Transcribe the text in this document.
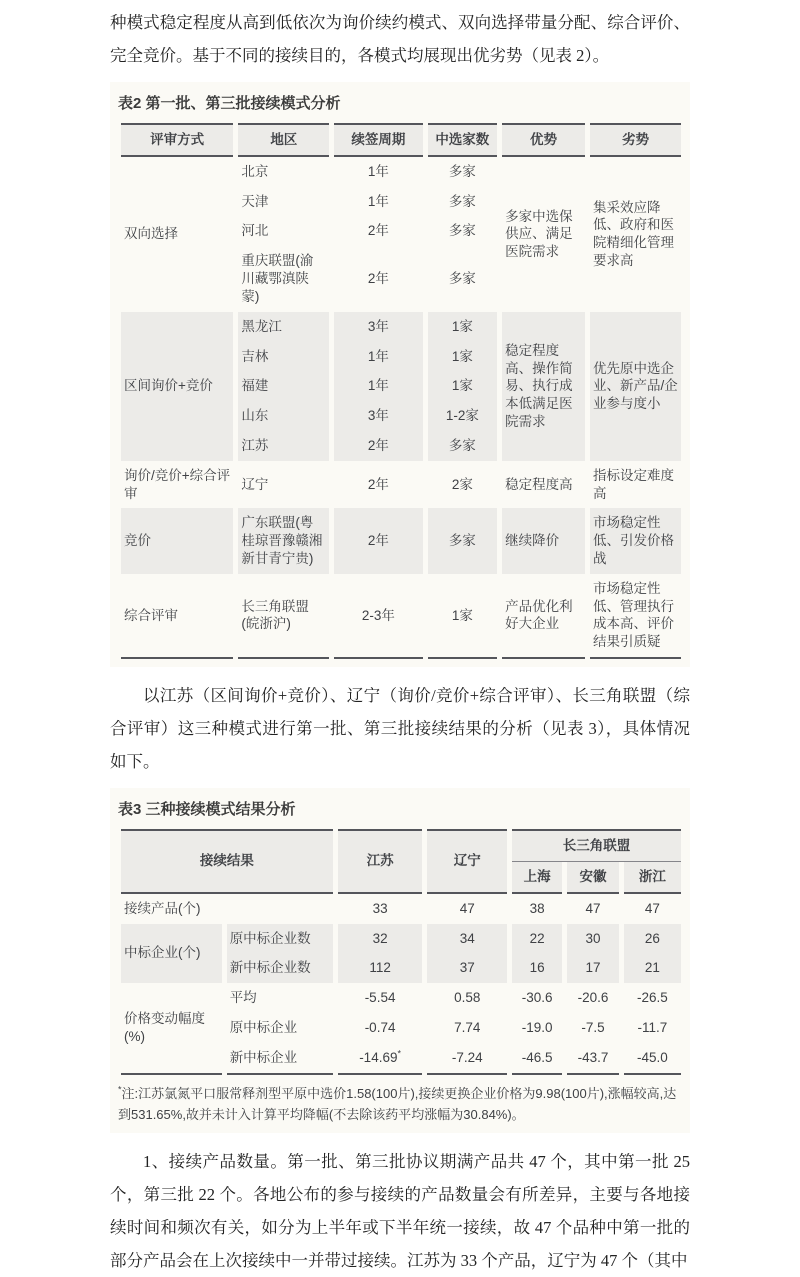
种模式稳定程度从高到低依次为询价续约模式、双向选择带量分配、综合评价、完全竞价。基于不同的接续目的，各模式均展现出优劣势（见表 2）。

表2 第一批、第三批接续模式分析
评审方式	地区	续签周期	中选家数	优势	劣势
双向选择	北京	1年	多家	多家中选保供应、满足医院需求	集采效应降低、政府和医院精细化管理要求高
	天津	1年	多家		
	河北	2年	多家		
	重庆联盟(渝川藏鄂滇陕蒙)	2年	多家		
区间询价+竞价	黑龙江	3年	1家	稳定程度高、操作简易、执行成本低满足医院需求	优先原中选企业、新产品/企业参与度小
	吉林	1年	1家		
	福建	1年	1家		
	山东	3年	1-2家		
	江苏	2年	多家		
询价/竞价+综合评审	辽宁	2年	2家	稳定程度高	指标设定难度高
竞价	广东联盟(粤桂琼晋豫赣湘新甘青宁贵)	2年	多家	继续降价	市场稳定性低、引发价格战
综合评审	长三角联盟(皖浙沪)	2-3年	1家	产品优化利好大企业	市场稳定性低、管理执行成本高、评价结果引质疑

以江苏（区间询价+竞价）、辽宁（询价/竞价+综合评审）、长三角联盟（综合评审）这三种模式进行第一批、第三批接续结果的分析（见表 3），具体情况如下。

表3 三种接续模式结果分析
接续结果		江苏	辽宁	长三角联盟		
				上海	安徽	浙江
接续产品(个)		33	47	38	47	47
中标企业(个)	原中标企业数	32	34	22	30	26
	新中标企业数	112	37	16	17	21
价格变动幅度(%)	平均	-5.54	0.58	-30.6	-20.6	-26.5
	原中标企业	-0.74	7.74	-19.0	-7.5	-11.7
	新中标企业	-14.69*	-7.24	-46.5	-43.7	-45.0

*注:江苏氯氮平口服常释剂型平原中选价1.58(100片),接续更换企业价格为9.98(100片),涨幅较高,达到531.65%,故并未计入计算平均降幅(不去除该药平均涨幅为30.84%)。

1、接续产品数量。第一批、第三批协议期满产品共 47 个，其中第一批 25 个，第三批 22 个。各地公布的参与接续的产品数量会有所差异，主要与各地接续时间和频次有关，如分为上半年或下半年统一接续，故 47 个品种中第一批的部分产品会在上次接续中一并带过接续。江苏为 33 个产品，辽宁为 47 个（其中
